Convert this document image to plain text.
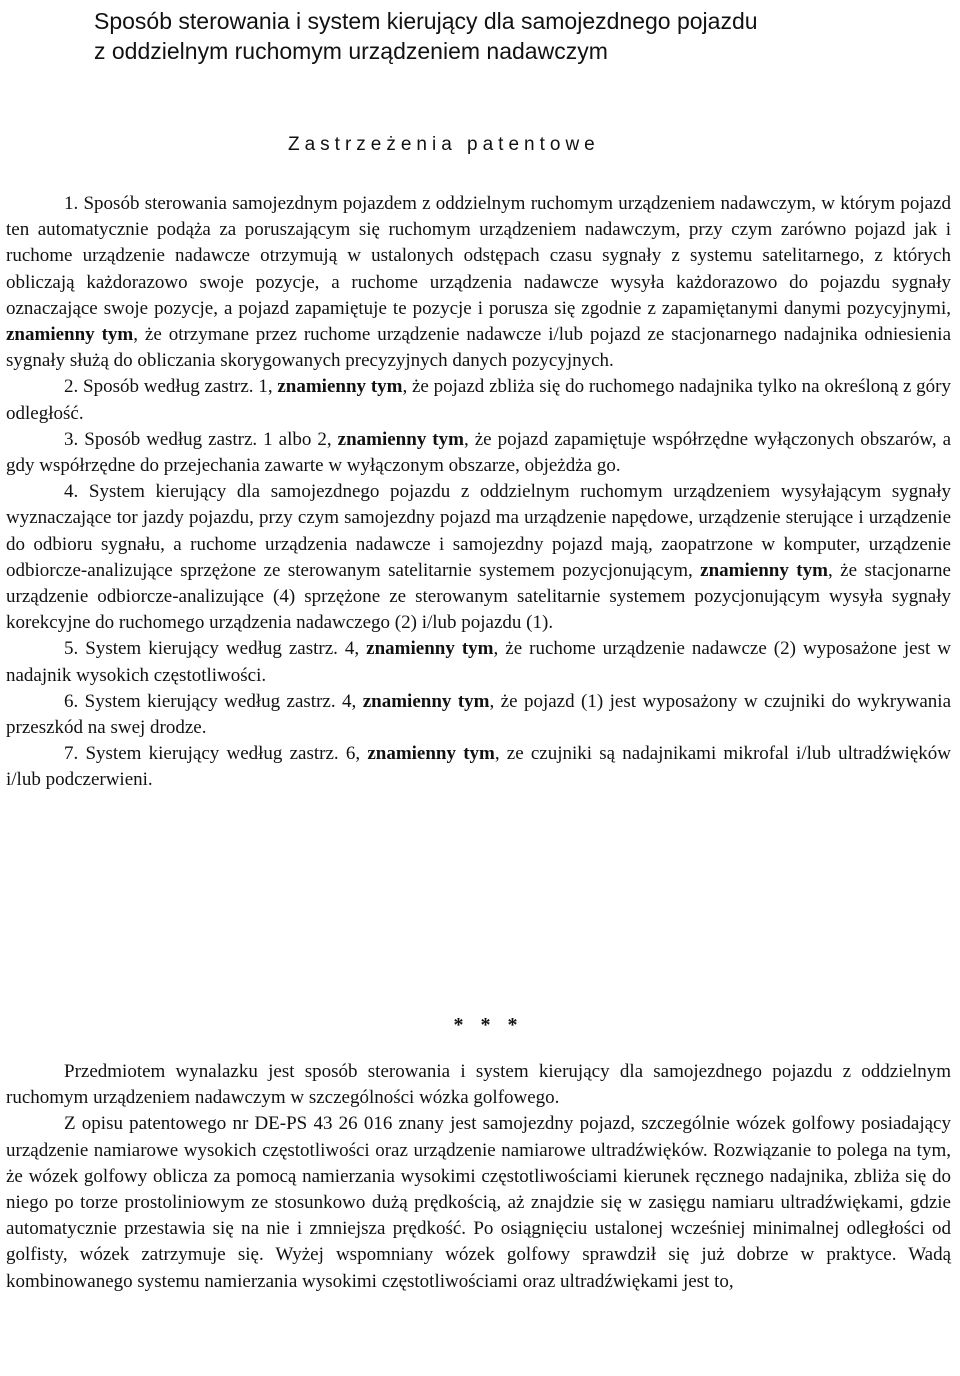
Sposób sterowania i system kierujący dla samojezdnego pojazdu
z oddzielnym ruchomym urządzeniem nadawczym
Zastrzeżenia patentowe

1. Sposób sterowania samojezdnym pojazdem z oddzielnym ruchomym urządzeniem nadawczym, w którym pojazd ten automatycznie podąża za poruszającym się ruchomym urządzeniem nadawczym, przy czym zarówno pojazd jak i ruchome urządzenie nadawcze otrzymują w ustalonych odstępach czasu sygnały z systemu satelitarnego, z których obliczają każdorazowo swoje pozycje, a ruchome urządzenia nadawcze wysyła każdorazowo do pojazdu sygnały oznaczające swoje pozycje, a pojazd zapamiętuje te pozycje i porusza się zgodnie z zapamiętanymi danymi pozycyjnymi, znamienny tym, że otrzymane przez ruchome urządzenie nadawcze i/lub pojazd ze stacjonarnego nadajnika odniesienia sygnały służą do obliczania skorygowanych precyzyjnych danych pozycyjnych.

2. Sposób według zastrz. 1, znamienny tym, że pojazd zbliża się do ruchomego nadajnika tylko na określoną z góry odległość.

3. Sposób według zastrz. 1 albo 2, znamienny tym, że pojazd zapamiętuje współrzędne wyłączonych obszarów, a gdy współrzędne do przejechania zawarte w wyłączonym obszarze, objeżdża go.

4. System kierujący dla samojezdnego pojazdu z oddzielnym ruchomym urządzeniem wysyłającym sygnały wyznaczające tor jazdy pojazdu, przy czym samojezdny pojazd ma urządzenie napędowe, urządzenie sterujące i urządzenie do odbioru sygnału, a ruchome urządzenia nadawcze i samojezdny pojazd mają, zaopatrzone w komputer, urządzenie odbiorcze-analizujące sprzężone ze sterowanym satelitarnie systemem pozycjonującym, znamienny tym, że stacjonarne urządzenie odbiorcze-analizujące (4) sprzężone ze sterowanym satelitarnie systemem pozycjonującym wysyła sygnały korekcyjne do ruchomego urządzenia nadawczego (2) i/lub pojazdu (1).

5. System kierujący według zastrz. 4, znamienny tym, że ruchome urządzenie nadawcze (2) wyposażone jest w nadajnik wysokich częstotliwości.

6. System kierujący według zastrz. 4, znamienny tym, że pojazd (1) jest wyposażony w czujniki do wykrywania przeszkód na swej drodze.

7. System kierujący według zastrz. 6, znamienny tym, ze czujniki są nadajnikami mikrofal i/lub ultradźwięków i/lub podczerwieni.

* * *

Przedmiotem wynalazku jest sposób sterowania i system kierujący dla samojezdnego pojazdu z oddzielnym ruchomym urządzeniem nadawczym w szczególności wózka golfowego.

Z opisu patentowego nr DE-PS 43 26 016 znany jest samojezdny pojazd, szczególnie wózek golfowy posiadający urządzenie namiarowe wysokich częstotliwości oraz urządzenie namiarowe ultradźwięków. Rozwiązanie to polega na tym, że wózek golfowy oblicza za pomocą namierzania wysokimi częstotliwościami kierunek ręcznego nadajnika, zbliża się do niego po torze prostoliniowym ze stosunkowo dużą prędkością, aż znajdzie się w zasięgu namiaru ultradźwiękami, gdzie automatycznie przestawia się na nie i zmniejsza prędkość. Po osiągnięciu ustalonej wcześniej minimalnej odległości od golfisty, wózek zatrzymuje się. Wyżej wspomniany wózek golfowy sprawdził się już dobrze w praktyce. Wadą kombinowanego systemu namierzania wysokimi częstotliwościami oraz ultradźwiękami jest to,
